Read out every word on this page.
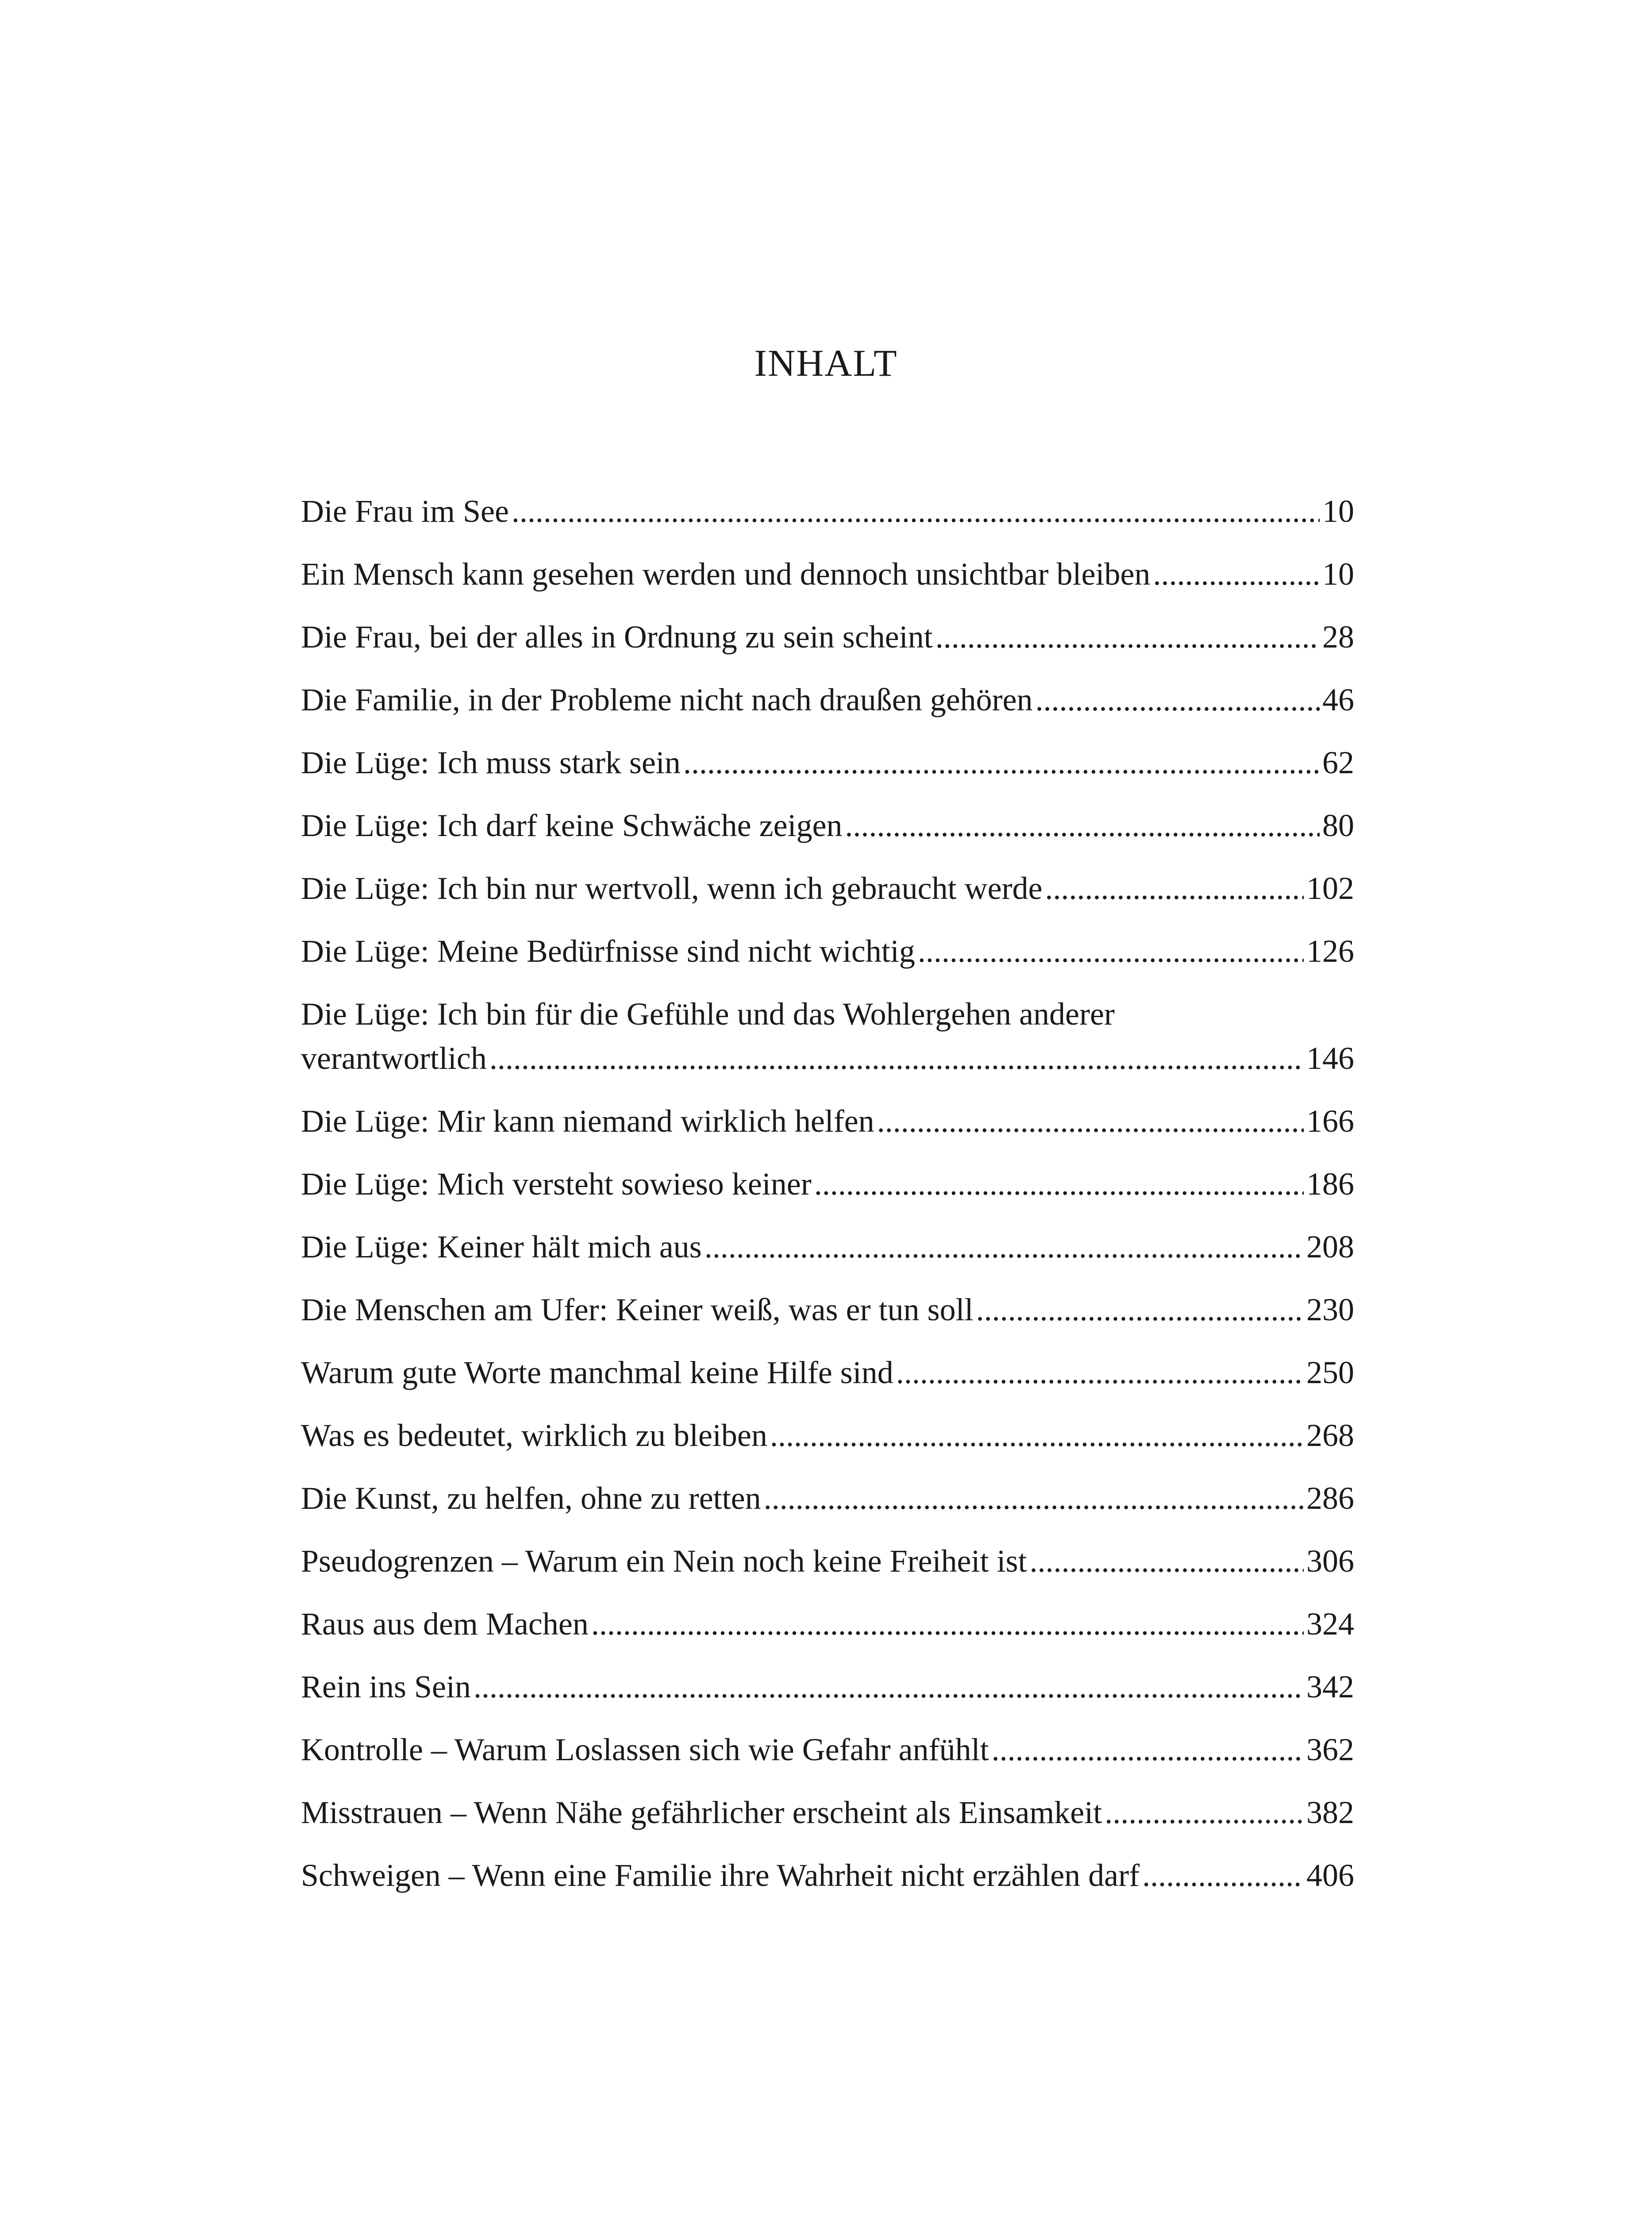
INHALT
Die Frau im See .....	10
Ein Mensch kann gesehen werden und dennoch unsichtbar bleiben .....	10
Die Frau, bei der alles in Ordnung zu sein scheint .....	28
Die Familie, in der Probleme nicht nach draußen gehören .....	46
Die Lüge: Ich muss stark sein .....	62
Die Lüge: Ich darf keine Schwäche zeigen .....	80
Die Lüge: Ich bin nur wertvoll, wenn ich gebraucht werde .....	102
Die Lüge: Meine Bedürfnisse sind nicht wichtig .....	126
Die Lüge: Ich bin für die Gefühle und das Wohlergehen anderer
verantwortlich .....	146
Die Lüge: Mir kann niemand wirklich helfen .....	166
Die Lüge: Mich versteht sowieso keiner .....	186
Die Lüge: Keiner hält mich aus .....	208
Die Menschen am Ufer: Keiner weiß, was er tun soll .....	230
Warum gute Worte manchmal keine Hilfe sind .....	250
Was es bedeutet, wirklich zu bleiben .....	268
Die Kunst, zu helfen, ohne zu retten .....	286
Pseudogrenzen – Warum ein Nein noch keine Freiheit ist .....	306
Raus aus dem Machen .....	324
Rein ins Sein .....	342
Kontrolle – Warum Loslassen sich wie Gefahr anfühlt .....	362
Misstrauen – Wenn Nähe gefährlicher erscheint als Einsamkeit .....	382
Schweigen – Wenn eine Familie ihre Wahrheit nicht erzählen darf .....	406
